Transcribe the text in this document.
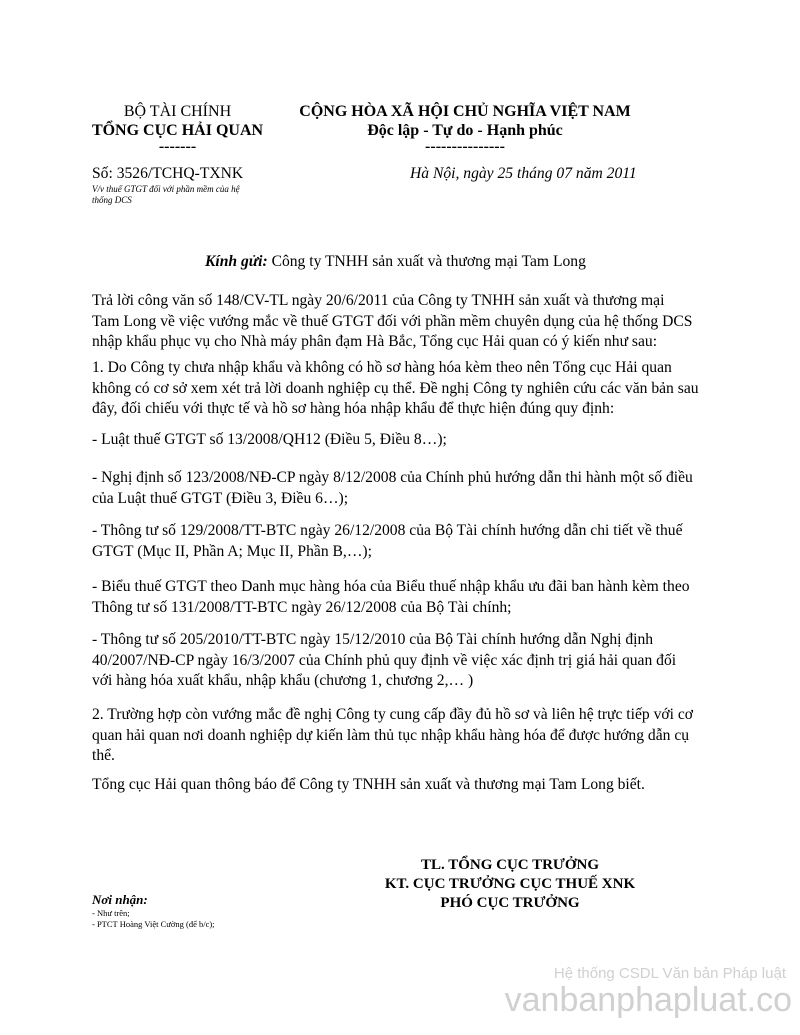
BỘ TÀI CHÍNH
TỔNG CỤC HẢI QUAN
-------
CỘNG HÒA XÃ HỘI CHỦ NGHĨA VIỆT NAM
Độc lập - Tự do - Hạnh phúc
---------------
Số: 3526/TCHQ-TXNK
V/v thuế GTGT đối với phần mềm của hệ
thống DCS
Hà Nội, ngày 25 tháng 07 năm 2011
Kính gửi: Công ty TNHH sản xuất và thương mại Tam Long
Trả lời công văn số 148/CV-TL ngày 20/6/2011 của Công ty TNHH sản xuất và thương mại
Tam Long về việc vướng mắc về thuế GTGT đối với phần mềm chuyên dụng của hệ thống DCS
nhập khẩu phục vụ cho Nhà máy phân đạm Hà Bắc, Tổng cục Hải quan có ý kiến như sau:
1. Do Công ty chưa nhập khẩu và không có hồ sơ hàng hóa kèm theo nên Tổng cục Hải quan
không có cơ sở xem xét trả lời doanh nghiệp cụ thể. Đề nghị Công ty nghiên cứu các văn bản sau
đây, đối chiếu với thực tế và hồ sơ hàng hóa nhập khẩu để thực hiện đúng quy định:
- Luật thuế GTGT số 13/2008/QH12 (Điều 5, Điều 8…);
- Nghị định số 123/2008/NĐ-CP ngày 8/12/2008 của Chính phủ hướng dẫn thi hành một số điều
của Luật thuế GTGT (Điều 3, Điều 6…);
- Thông tư số 129/2008/TT-BTC ngày 26/12/2008 của Bộ Tài chính hướng dẫn chi tiết về thuế
GTGT (Mục II, Phần A; Mục II, Phần B,…);
- Biểu thuế GTGT theo Danh mục hàng hóa của Biểu thuế nhập khẩu ưu đãi ban hành kèm theo
Thông tư số 131/2008/TT-BTC ngày 26/12/2008 của Bộ Tài chính;
- Thông tư số 205/2010/TT-BTC ngày 15/12/2010 của Bộ Tài chính hướng dẫn Nghị định
40/2007/NĐ-CP ngày 16/3/2007 của Chính phủ quy định về việc xác định trị giá hải quan đối
với hàng hóa xuất khẩu, nhập khẩu (chương 1, chương 2,… )
2. Trường hợp còn vướng mắc đề nghị Công ty cung cấp đầy đủ hồ sơ và liên hệ trực tiếp với cơ
quan hải quan nơi doanh nghiệp dự kiến làm thủ tục nhập khẩu hàng hóa để được hướng dẫn cụ
thể.
Tổng cục Hải quan thông báo để Công ty TNHH sản xuất và thương mại Tam Long biết.
TL. TỔNG CỤC TRƯỞNG
KT. CỤC TRƯỞNG CỤC THUẾ XNK
PHÓ CỤC TRƯỞNG
Nơi nhận:
- Như trên;
- PTCT Hoàng Việt Cường (để b/c);
Hệ thống CSDL Văn bản Pháp luật
vanbanphapluat.co
